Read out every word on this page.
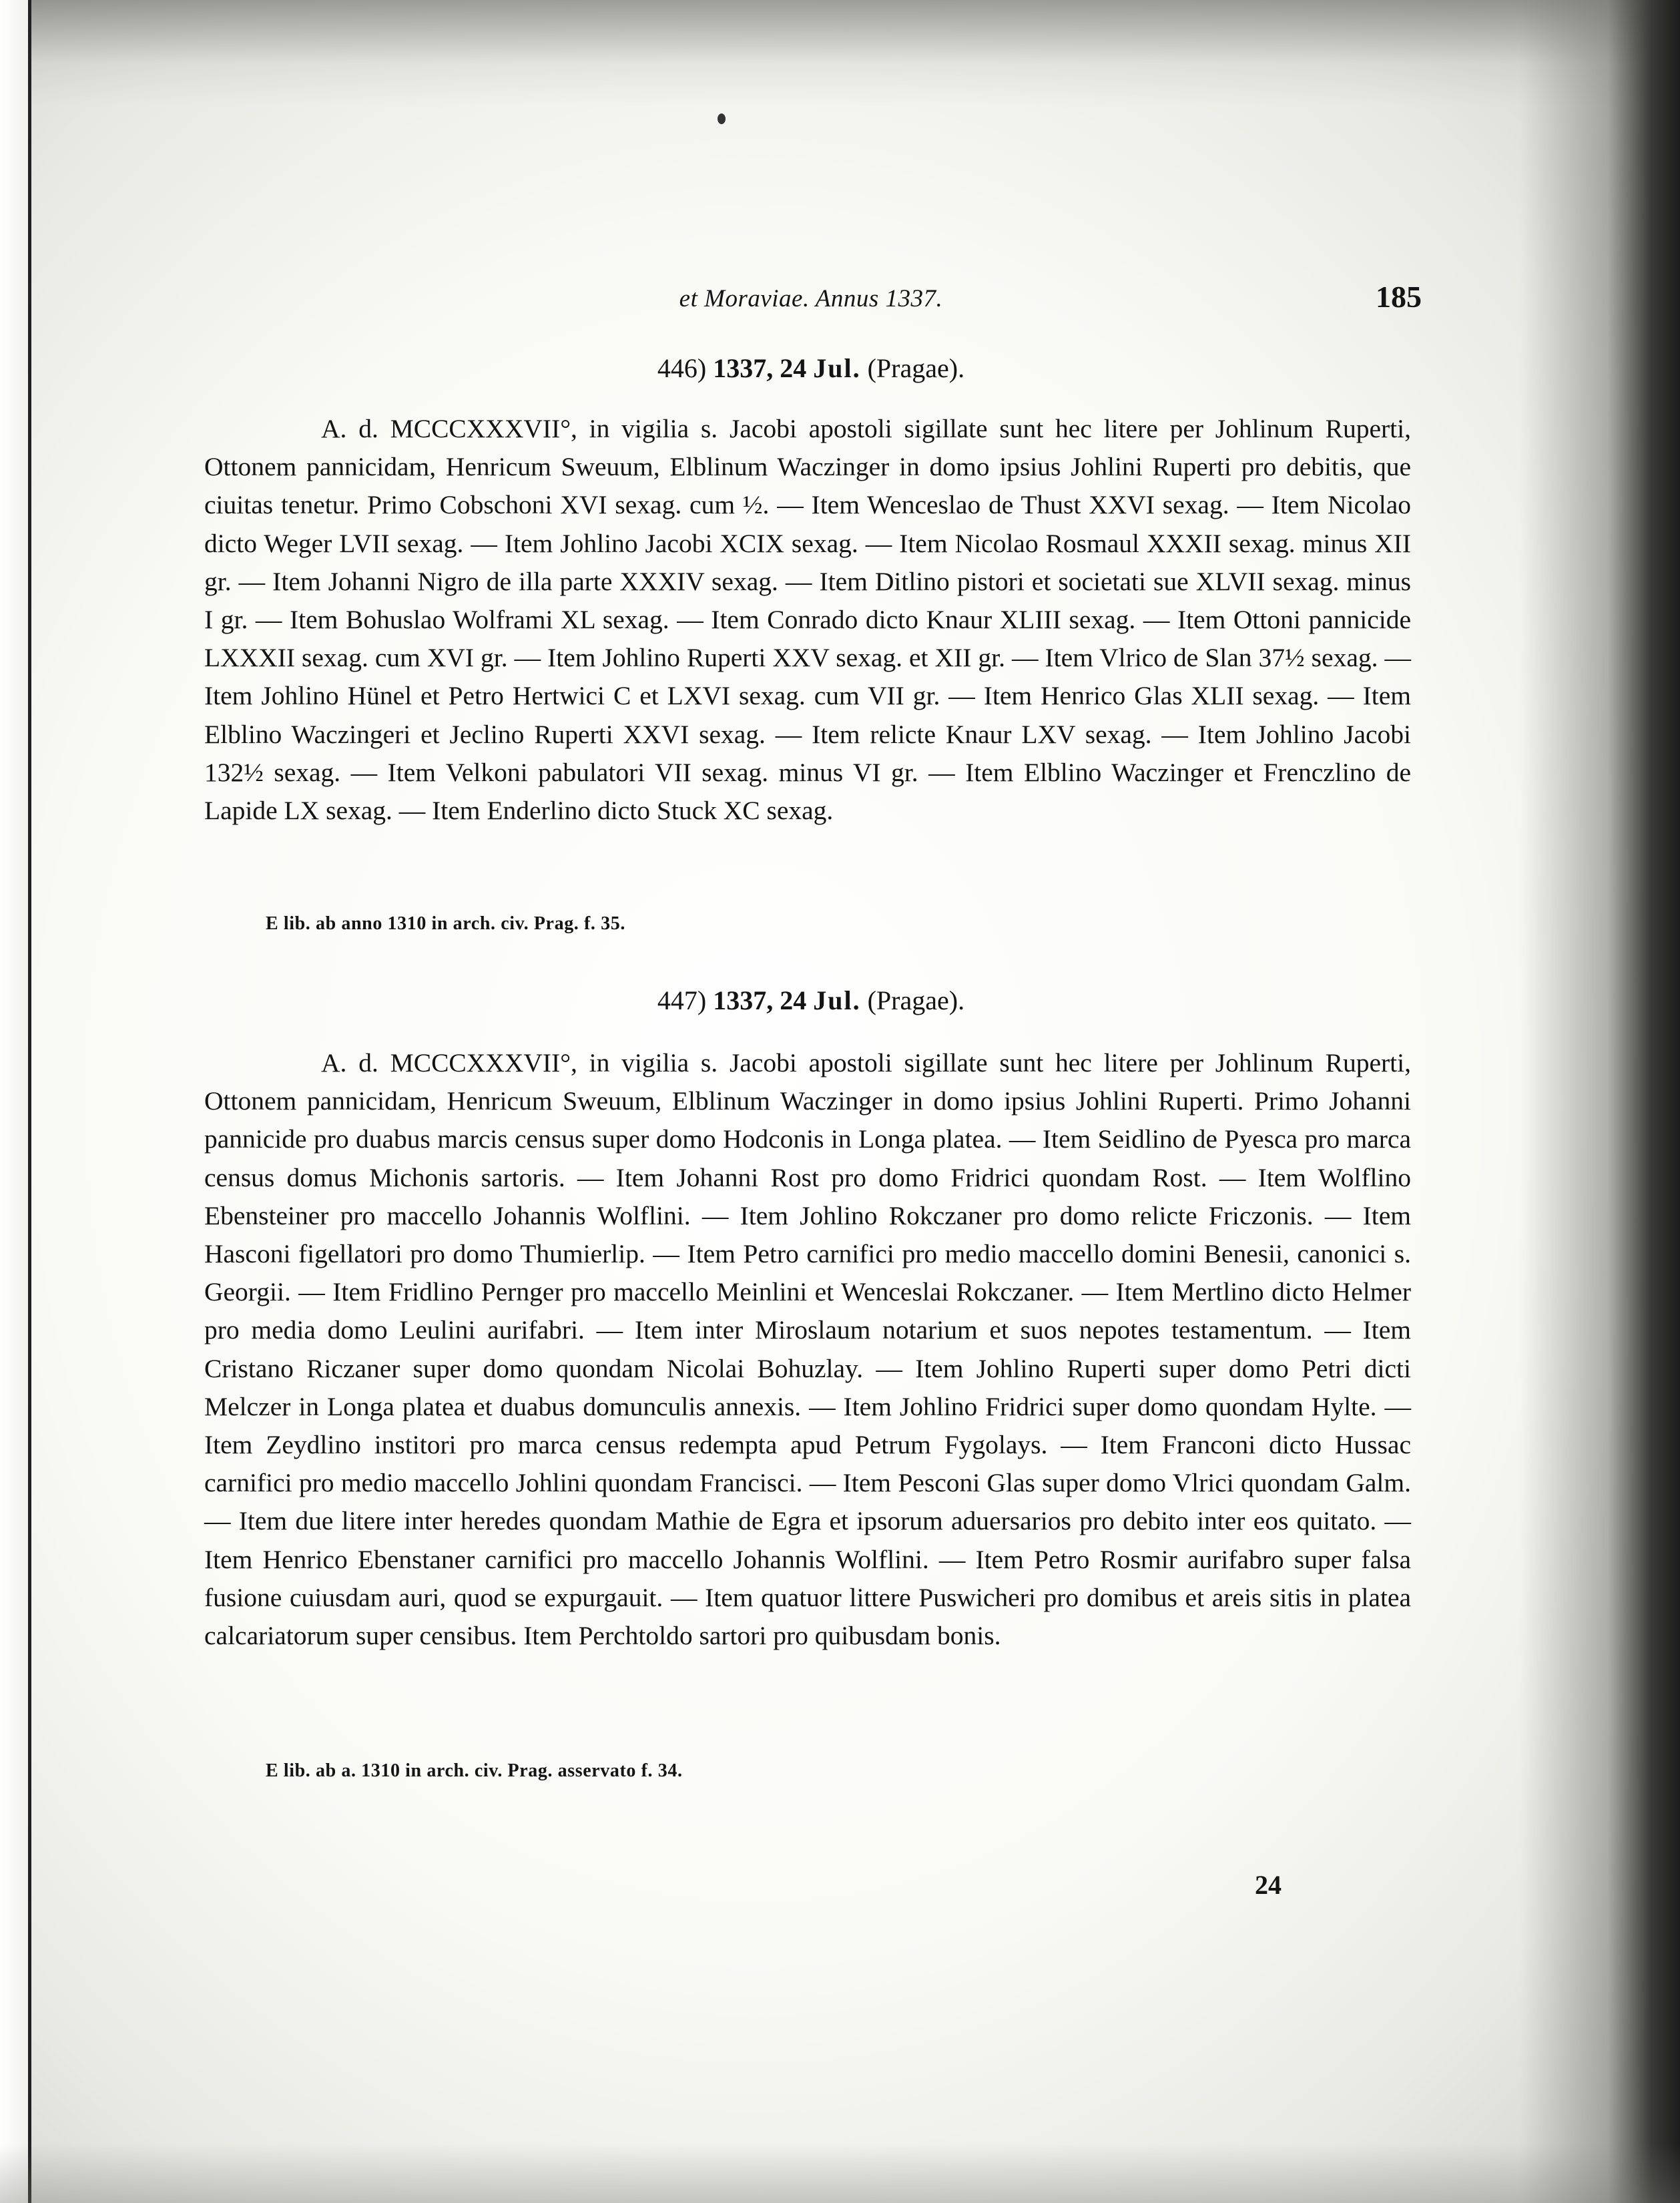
et Moraviae. Annus 1337.	185
446) 1337, 24 Jul. (Pragae).

A. d. MCCCXXXVII°, in vigilia s. Jacobi apostoli sigillate sunt hec litere per Johlinum Ruperti, Ottonem pannicidam, Henricum Sweuum, Elblinum Waczinger in domo ipsius Johlini Ruperti pro debitis, que ciuitas tenetur. Primo Cobschoni XVI sexag. cum ½. — Item Wenceslao de Thust XXVI sexag. — Item Nicolao dicto Weger LVII sexag. — Item Johlino Jacobi XCIX sexag. — Item Nicolao Rosmaul XXXII sexag. minus XII gr. — Item Johanni Nigro de illa parte XXXIV sexag. — Item Ditlino pistori et societati sue XLVII sexag. minus I gr. — Item Bohuslao Wolframi XL sexag. — Item Conrado dicto Knaur XLIII sexag. — Item Ottoni pannicide LXXXII sexag. cum XVI gr. — Item Johlino Ruperti XXV sexag. et XII gr. — Item Vlrico de Slan 37½ sexag. — Item Johlino Hünel et Petro Hertwici C et LXVI sexag. cum VII gr. — Item Henrico Glas XLII sexag. — Item Elblino Waczingeri et Jeclino Ruperti XXVI sexag. — Item relicte Knaur LXV sexag. — Item Johlino Jacobi 132½ sexag. — Item Velkoni pabulatori VII sexag. minus VI gr. — Item Elblino Waczinger et Frenczlino de Lapide LX sexag. — Item Enderlino dicto Stuck XC sexag.

E lib. ab anno 1310 in arch. civ. Prag. f. 35.
447) 1337, 24 Jul. (Pragae).

A. d. MCCCXXXVII°, in vigilia s. Jacobi apostoli sigillate sunt hec litere per Johlinum Ruperti, Ottonem pannicidam, Henricum Sweuum, Elblinum Waczinger in domo ipsius Johlini Ruperti. Primo Johanni pannicide pro duabus marcis census super domo Hodconis in Longa platea. — Item Seidlino de Pyesca pro marca census domus Michonis sartoris. — Item Johanni Rost pro domo Fridrici quondam Rost. — Item Wolflino Ebensteiner pro maccello Johannis Wolflini. — Item Johlino Rokczaner pro domo relicte Friczonis. — Item Hasconi figellatori pro domo Thumierlip. — Item Petro carnifici pro medio maccello domini Benesii, canonici s. Georgii. — Item Fridlino Pernger pro maccello Meinlini et Wenceslai Rokczaner. — Item Mertlino dicto Helmer pro media domo Leulini aurifabri. — Item inter Miroslaum notarium et suos nepotes testamentum. — Item Cristano Riczaner super domo quondam Nicolai Bohuzlay. — Item Johlino Ruperti super domo Petri dicti Melczer in Longa platea et duabus domunculis annexis. — Item Johlino Fridrici super domo quondam Hylte. — Item Zeydlino institori pro marca census redempta apud Petrum Fygolays. — Item Franconi dicto Hussac carnifici pro medio maccello Johlini quondam Francisci. — Item Pesconi Glas super domo Vlrici quondam Galm. — Item due litere inter heredes quondam Mathie de Egra et ipsorum aduersarios pro debito inter eos quitato. — Item Henrico Ebenstaner carnifici pro maccello Johannis Wolflini. — Item Petro Rosmir aurifabro super falsa fusione cuiusdam auri, quod se expurgauit. — Item quatuor littere Puswicheri pro domibus et areis sitis in platea calcariatorum super censibus. Item Perchtoldo sartori pro quibusdam bonis.

E lib. ab a. 1310 in arch. civ. Prag. asservato f. 34.
24
